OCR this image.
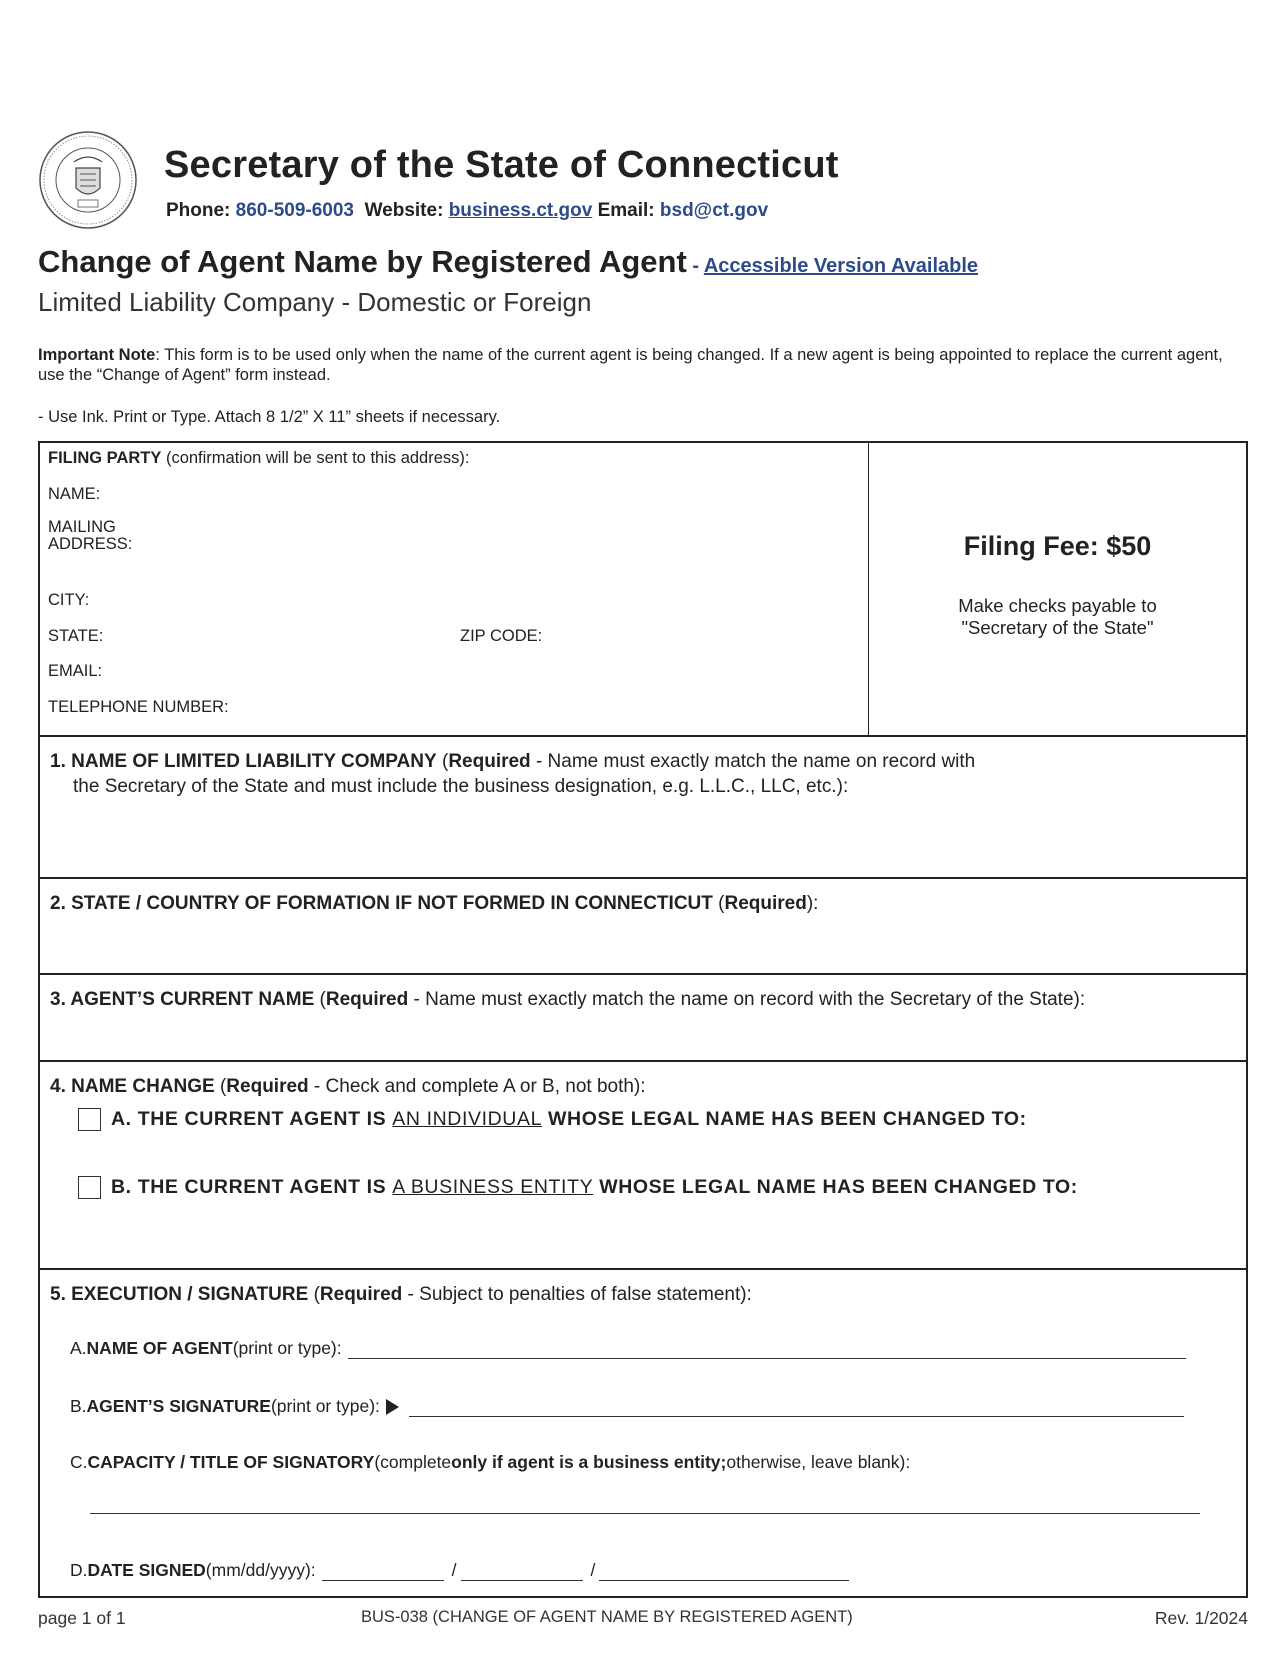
Secretary of the State of Connecticut
Phone: 860-509-6003 Website: business.ct.gov Email: bsd@ct.gov
Change of Agent Name by Registered Agent - Accessible Version Available
Limited Liability Company - Domestic or Foreign
Important Note: This form is to be used only when the name of the current agent is being changed. If a new agent is being appointed to replace the current agent, use the “Change of Agent” form instead.
- Use Ink. Print or Type. Attach 8 1/2” X 11” sheets if necessary.
FILING PARTY (confirmation will be sent to this address):
NAME:
MAILING
ADDRESS:
CITY:
STATE:	ZIP CODE:
EMAIL:
TELEPHONE NUMBER:
Filing Fee: $50
Make checks payable to
"Secretary of the State"
1. NAME OF LIMITED LIABILITY COMPANY (Required - Name must exactly match the name on record with
the Secretary of the State and must include the business designation, e.g. L.L.C., LLC, etc.):
2. STATE / COUNTRY OF FORMATION IF NOT FORMED IN CONNECTICUT (Required):
3. AGENT’S CURRENT NAME (Required - Name must exactly match the name on record with the Secretary of the State):
4. NAME CHANGE (Required - Check and complete A or B, not both):
A. THE CURRENT AGENT IS AN INDIVIDUAL WHOSE LEGAL NAME HAS BEEN CHANGED TO:
B. THE CURRENT AGENT IS A BUSINESS ENTITY WHOSE LEGAL NAME HAS BEEN CHANGED TO:
5. EXECUTION / SIGNATURE (Required - Subject to penalties of false statement):
A. NAME OF AGENT (print or type):
B. AGENT’S SIGNATURE (print or type):
C. CAPACITY / TITLE OF SIGNATORY (complete only if agent is a business entity; otherwise, leave blank):
D. DATE SIGNED (mm/dd/yyyy):	/	/
page 1 of 1	BUS-038 (CHANGE OF AGENT NAME BY REGISTERED AGENT)	Rev. 1/2024
